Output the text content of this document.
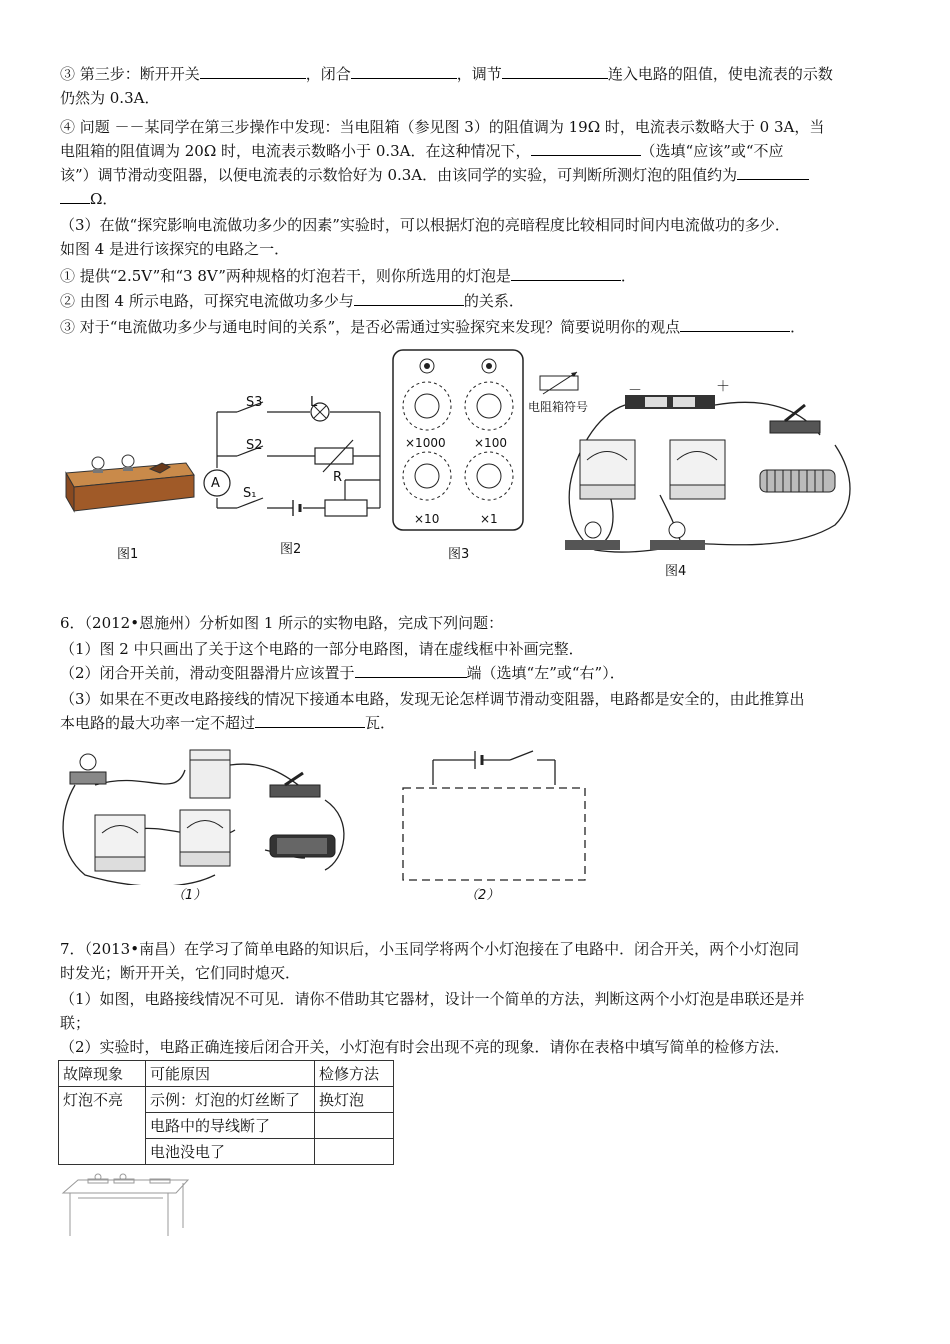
③ 第三步：断开开关	，闭合	，调节	连入电路的阻值，使电流表的示数
仍然为 0.3A．
④ 问题 －－某同学在第三步操作中发现：当电阻箱（参见图 3）的阻值调为 19Ω 时，电流表示数略大于 0 3A，当
电阻箱的阻值调为 20Ω 时，电流表示数略小于 0.3A．在这种情况下，	（选填“应该”或“不应
该”）调节滑动变阻器，以便电流表的示数恰好为 0.3A．由该同学的实验，可判断所测灯泡的阻值约为
Ω．
（3）在做“探究影响电流做功多少的因素”实验时，可以根据灯泡的亮暗程度比较相同时间内电流做功的多少．
如图 4 是进行该探究的电路之一．
① 提供“2.5V”和“3 8V”两种规格的灯泡若干，则你所选用的灯泡是	．
② 由图 4 所示电路，可探究电流做功多少与	的关系．
③ 对于“电流做功多少与通电时间的关系”，是否必需通过实验探究来发现？简要说明你的观点	．
图1
A
S3
S2
S₁
L
R
图2
×1000 ×100
×10	×1
图3
电阻箱符号
－	＋
图4
6．（2012•恩施州）分析如图 1 所示的实物电路，完成下列问题：
（1）图 2 中只画出了关于这个电路的一部分电路图，请在虚线框中补画完整．
（2）闭合开关前，滑动变阻器滑片应该置于	端（选填“左”或“右”）．
（3）如果在不更改电路接线的情况下接通本电路，发现无论怎样调节滑动变阻器，电路都是安全的，由此推算出
本电路的最大功率一定不超过	瓦．
（1）	（2）
7．（2013•南昌）在学习了简单电路的知识后，小玉同学将两个小灯泡接在了电路中．闭合开关，两个小灯泡同
时发光；断开开关，它们同时熄灭．
（1）如图，电路接线情况不可见．请你不借助其它器材，设计一个简单的方法，判断这两个小灯泡是串联还是并
联；
（2）实验时，电路正确连接后闭合开关，小灯泡有时会出现不亮的现象．请你在表格中填写简单的检修方法．
故障现象	可能原因	检修方法
灯泡不亮	示例：灯泡的灯丝断了	换灯泡
	电路中的导线断了	
	电池没电了	
